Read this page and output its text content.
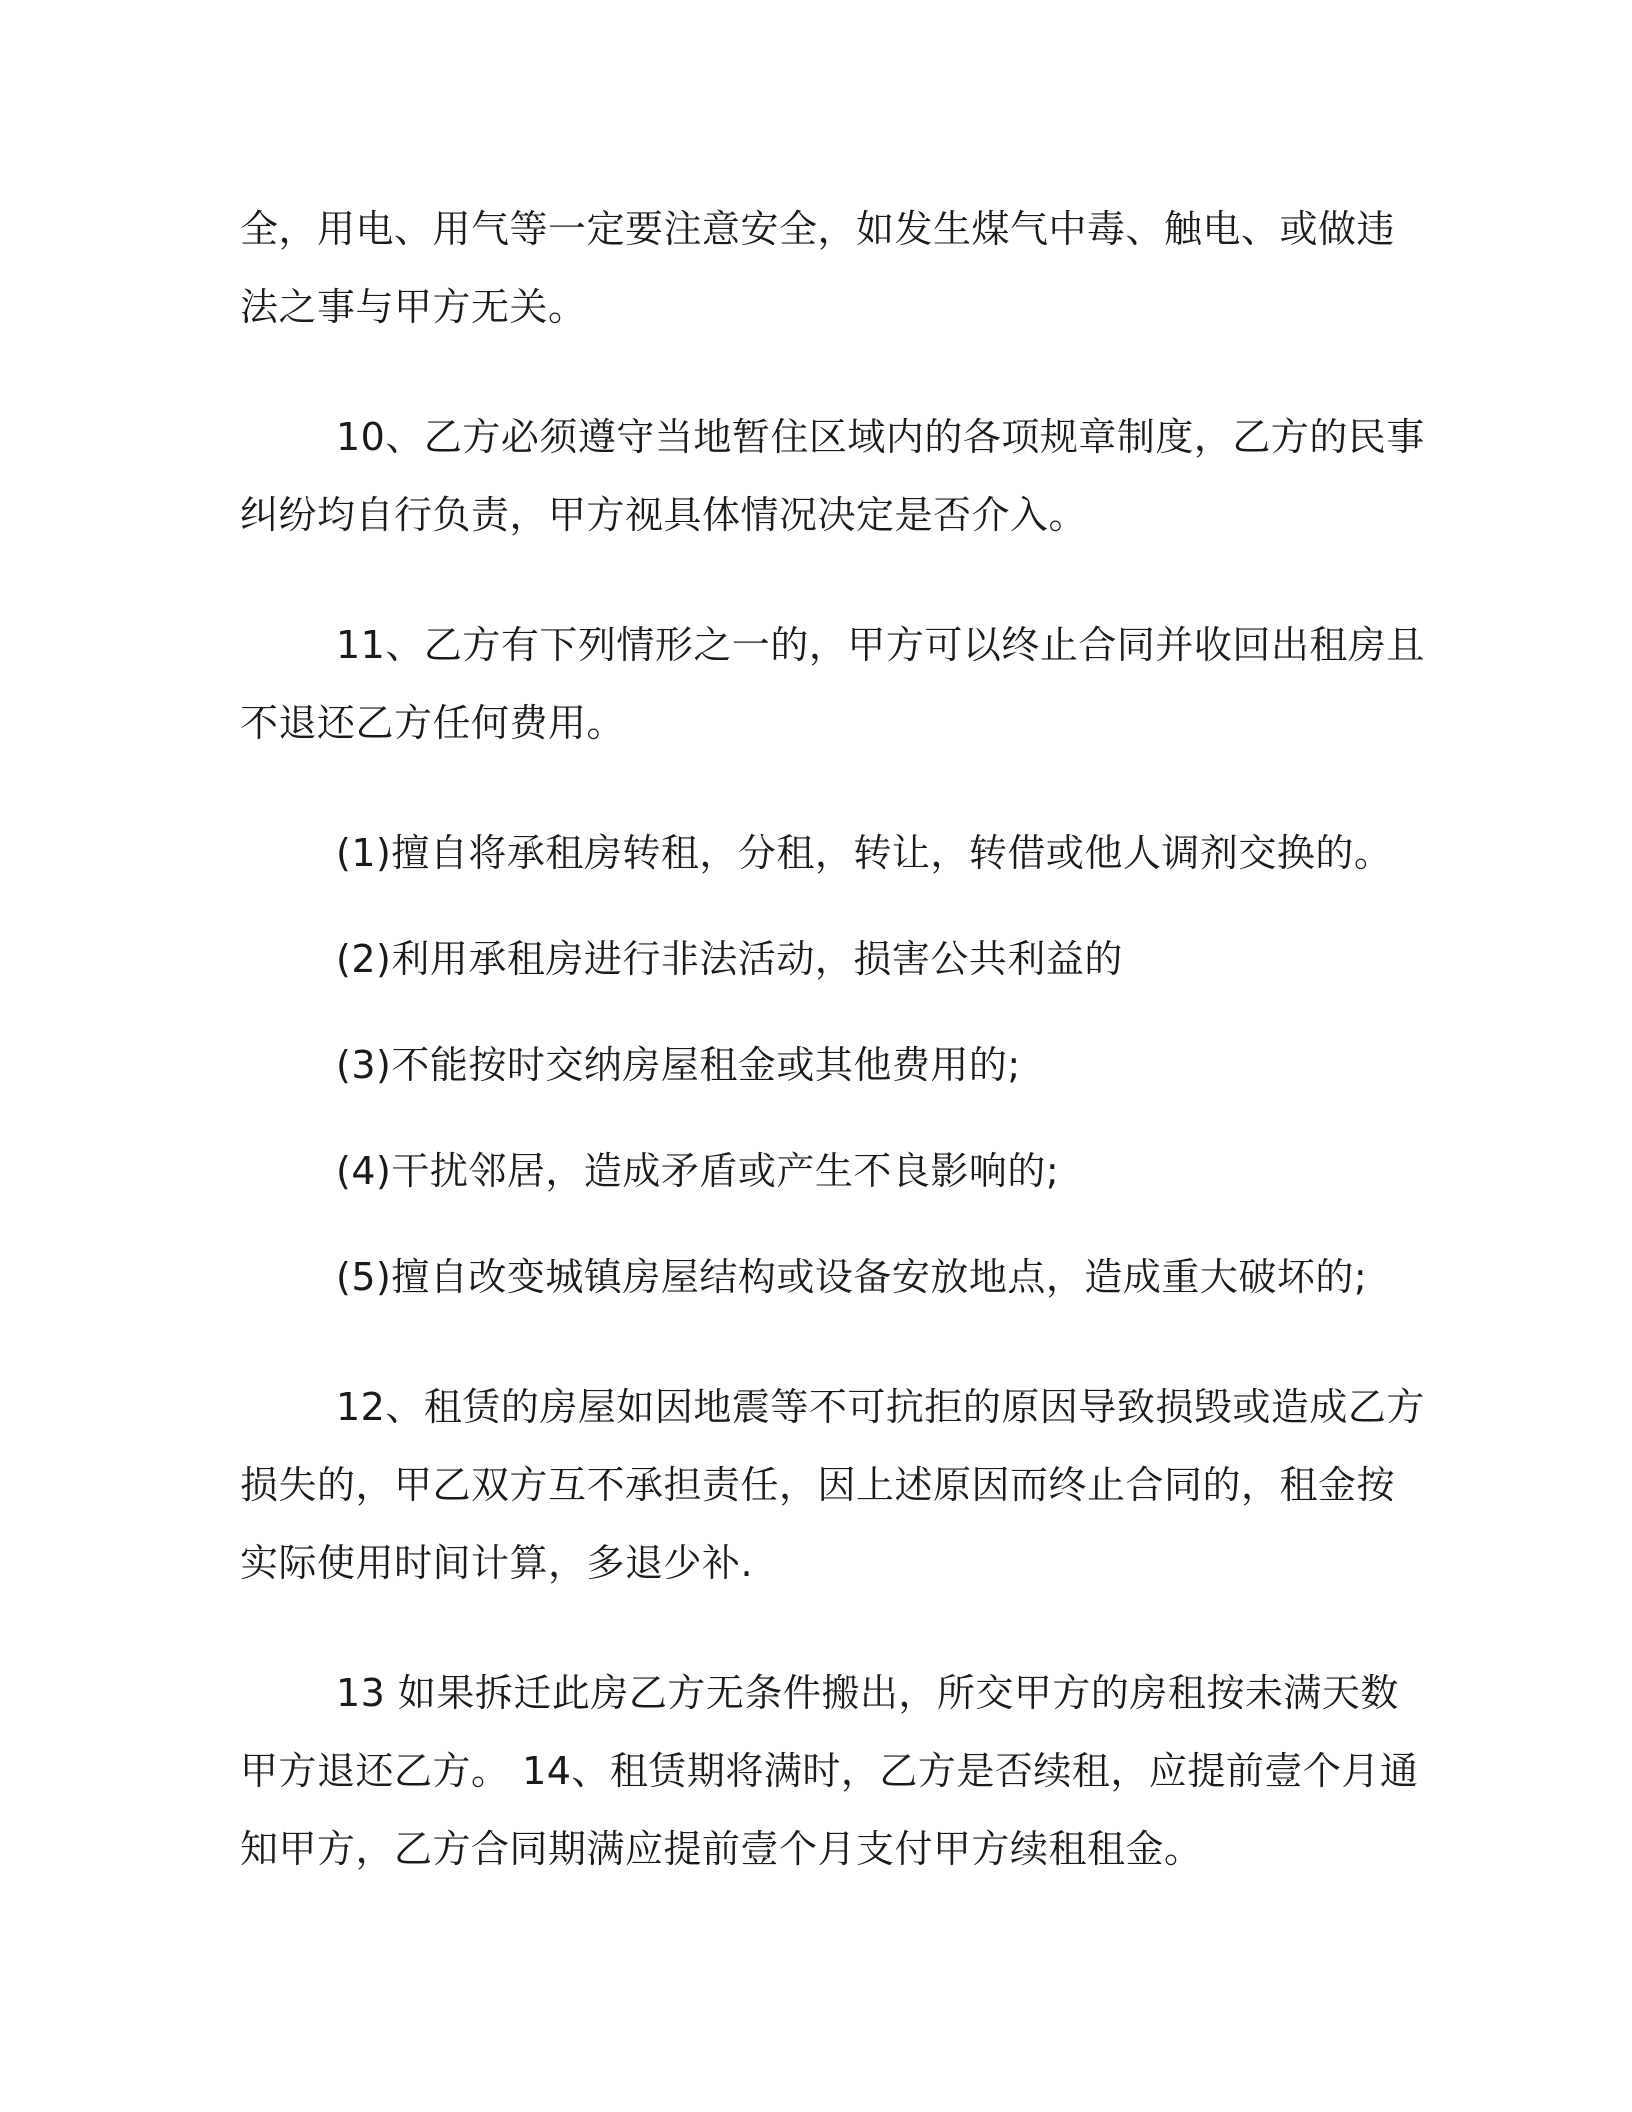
全，用电、用气等一定要注意安全，如发生煤气中毒、触电、或做违
法之事与甲方无关。
10、乙方必须遵守当地暂住区域内的各项规章制度，乙方的民事
纠纷均自行负责，甲方视具体情况决定是否介入。
11、乙方有下列情形之一的，甲方可以终止合同并收回出租房且
不退还乙方任何费用。
(1)擅自将承租房转租，分租，转让，转借或他人调剂交换的。
(2)利用承租房进行非法活动，损害公共利益的
(3)不能按时交纳房屋租金或其他费用的;
(4)干扰邻居，造成矛盾或产生不良影响的;
(5)擅自改变城镇房屋结构或设备安放地点，造成重大破坏的;
12、租赁的房屋如因地震等不可抗拒的原因导致损毁或造成乙方
损失的，甲乙双方互不承担责任，因上述原因而终止合同的，租金按
实际使用时间计算，多退少补.
13 如果拆迁此房乙方无条件搬出，所交甲方的房租按未满天数
甲方退还乙方。 14、租赁期将满时，乙方是否续租，应提前壹个月通
知甲方，乙方合同期满应提前壹个月支付甲方续租租金。
